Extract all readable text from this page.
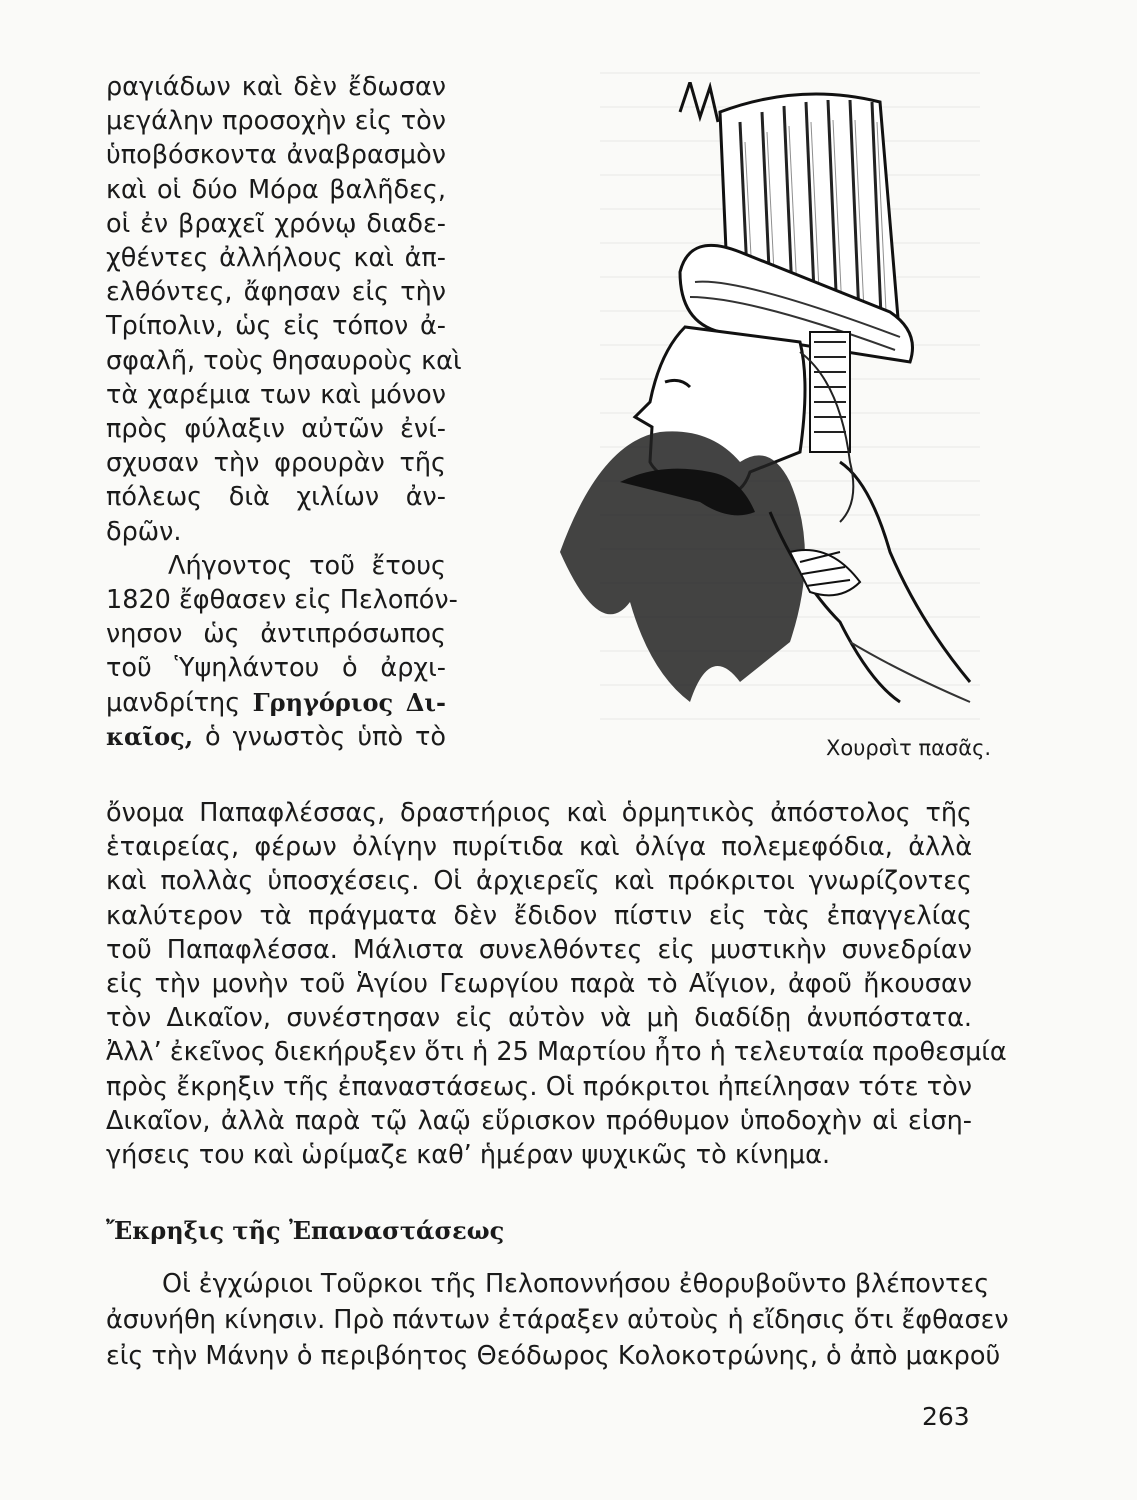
ραγιάδων καὶ δὲν ἔδωσαν
μεγάλην προσοχὴν εἰς τὸν
ὑποβόσκοντα ἀναβρασμὸν
καὶ οἱ δύο Μόρα βαλῆδες,
οἱ ἐν βραχεῖ χρόνῳ διαδε-
χθέντες ἀλλήλους καὶ ἀπ-
ελθόντες, ἄφησαν εἰς τὴν
Τρίπολιν, ὡς εἰς τόπον ἀ-
σφαλῆ, τοὺς θησαυροὺς καὶ
τὰ χαρέμια των καὶ μόνον
πρὸς φύλαξιν αὐτῶν ἐνί-
σχυσαν τὴν φρουρὰν τῆς
πόλεως διὰ χιλίων ἀν-
δρῶν.
Λήγοντος τοῦ ἔτους
1820 ἔφθασεν εἰς Πελοπόν-
νησον ὡς ἀντιπρόσωπος
τοῦ Ὑψηλάντου ὁ ἀρχι-
μανδρίτης Γρηγόριος Δι-
καῖος, ὁ γνωστὸς ὑπὸ τὸ	Χουρσὶτ πασᾶς.
ὄνομα Παπαφλέσσας, δραστήριος καὶ ὁρμητικὸς ἀπόστολος τῆς
ἑταιρείας, φέρων ὀλίγην πυρίτιδα καὶ ὀλίγα πολεμεφόδια, ἀλλὰ
καὶ πολλὰς ὑποσχέσεις. Οἱ ἀρχιερεῖς καὶ πρόκριτοι γνωρίζοντες
καλύτερον τὰ πράγματα δὲν ἔδιδον πίστιν εἰς τὰς ἐπαγγελίας
τοῦ Παπαφλέσσα. Μάλιστα συνελθόντες εἰς μυστικὴν συνεδρίαν
εἰς τὴν μονὴν τοῦ Ἁγίου Γεωργίου παρὰ τὸ Αἴγιον, ἀφοῦ ἤκουσαν
τὸν Δικαῖον, συνέστησαν εἰς αὐτὸν νὰ μὴ διαδίδῃ ἀνυπόστατα.
Ἀλλ’ ἐκεῖνος διεκήρυξεν ὅτι ἡ 25 Μαρτίου ἦτο ἡ τελευταία προθεσμία
πρὸς ἔκρηξιν τῆς ἐπαναστάσεως. Οἱ πρόκριτοι ἠπείλησαν τότε τὸν
Δικαῖον, ἀλλὰ παρὰ τῷ λαῷ εὕρισκον πρόθυμον ὑποδοχὴν αἱ εἰση-
γήσεις του καὶ ὡρίμαζε καθ’ ἡμέραν ψυχικῶς τὸ κίνημα.
Ἔκρηξις τῆς Ἐπαναστάσεως
Οἱ ἐγχώριοι Τοῦρκοι τῆς Πελοποννήσου ἐθορυβοῦντο βλέποντες
ἀσυνήθη κίνησιν. Πρὸ πάντων ἐτάραξεν αὐτοὺς ἡ εἴδησις ὅτι ἔφθασεν
εἰς τὴν Μάνην ὁ περιβόητος Θεόδωρος Κολοκοτρώνης, ὁ ἀπὸ μακροῦ
263
